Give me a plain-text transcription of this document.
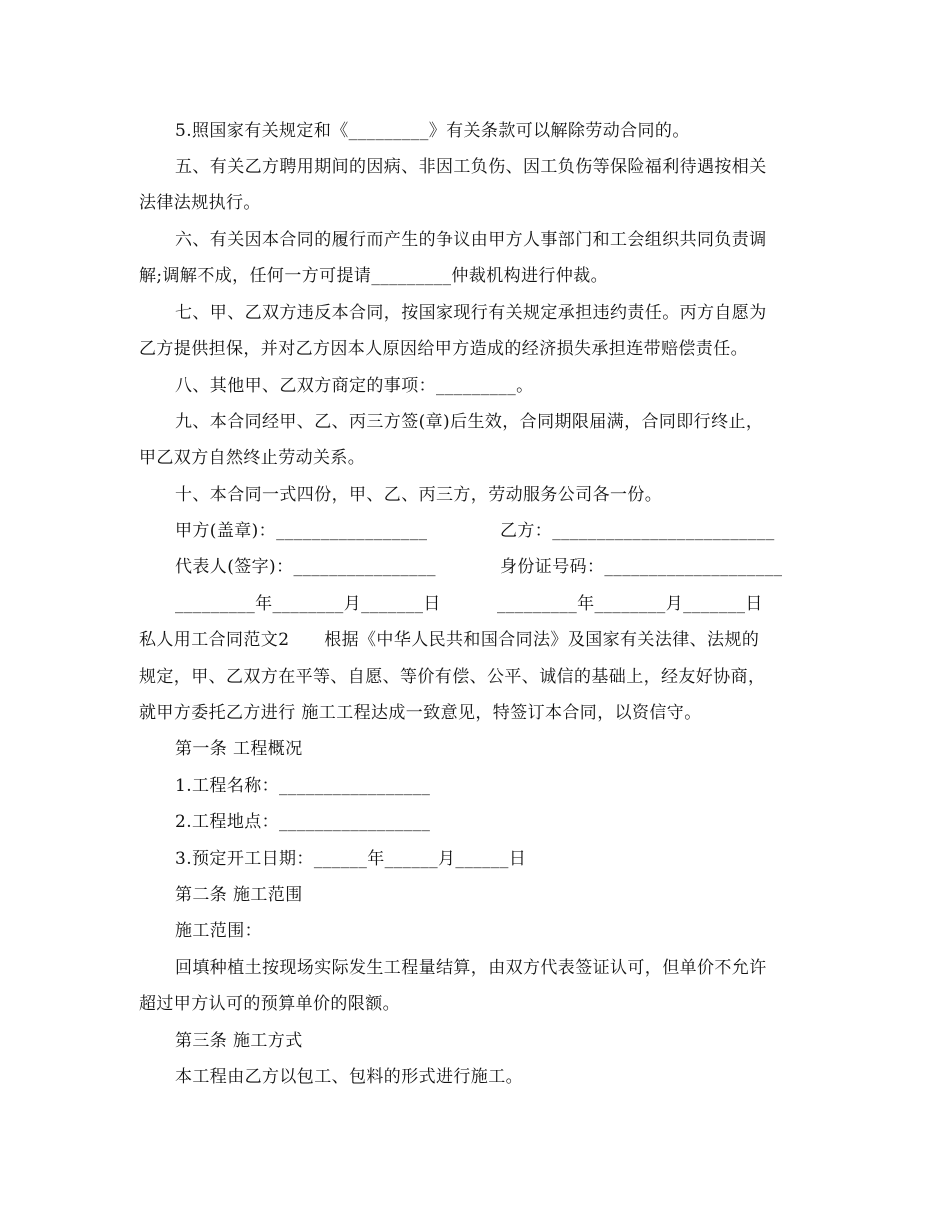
5.照国家有关规定和《_________》有关条款可以解除劳动合同的。
五、有关乙方聘用期间的因病、非因工负伤、因工负伤等保险福利待遇按相关
法律法规执行。
六、有关因本合同的履行而产生的争议由甲方人事部门和工会组织共同负责调
解;调解不成，任何一方可提请_________仲裁机构进行仲裁。
七、甲、乙双方违反本合同，按国家现行有关规定承担违约责任。丙方自愿为
乙方提供担保，并对乙方因本人原因给甲方造成的经济损失承担连带赔偿责任。
八、其他甲、乙双方商定的事项：_________。
九、本合同经甲、乙、丙三方签(章)后生效，合同期限届满，合同即行终止，
甲乙双方自然终止劳动关系。
十、本合同一式四份，甲、乙、丙三方，劳动服务公司各一份。
甲方(盖章)：_________________	乙方：_________________________
代表人(签字)：________________	身份证号码：____________________
_________年________月_______日	_________年________月_______日
私人用工合同范文2　　根据《中华人民共和国合同法》及国家有关法律、法规的
规定，甲、乙双方在平等、自愿、等价有偿、公平、诚信的基础上，经友好协商，
就甲方委托乙方进行 施工工程达成一致意见，特签订本合同，以资信守。
第一条 工程概况
1.工程名称：_________________
2.工程地点：_________________
3.预定开工日期：______年______月______日
第二条 施工范围
施工范围：
回填种植土按现场实际发生工程量结算，由双方代表签证认可，但单价不允许
超过甲方认可的预算单价的限额。
第三条 施工方式
本工程由乙方以包工、包料的形式进行施工。
